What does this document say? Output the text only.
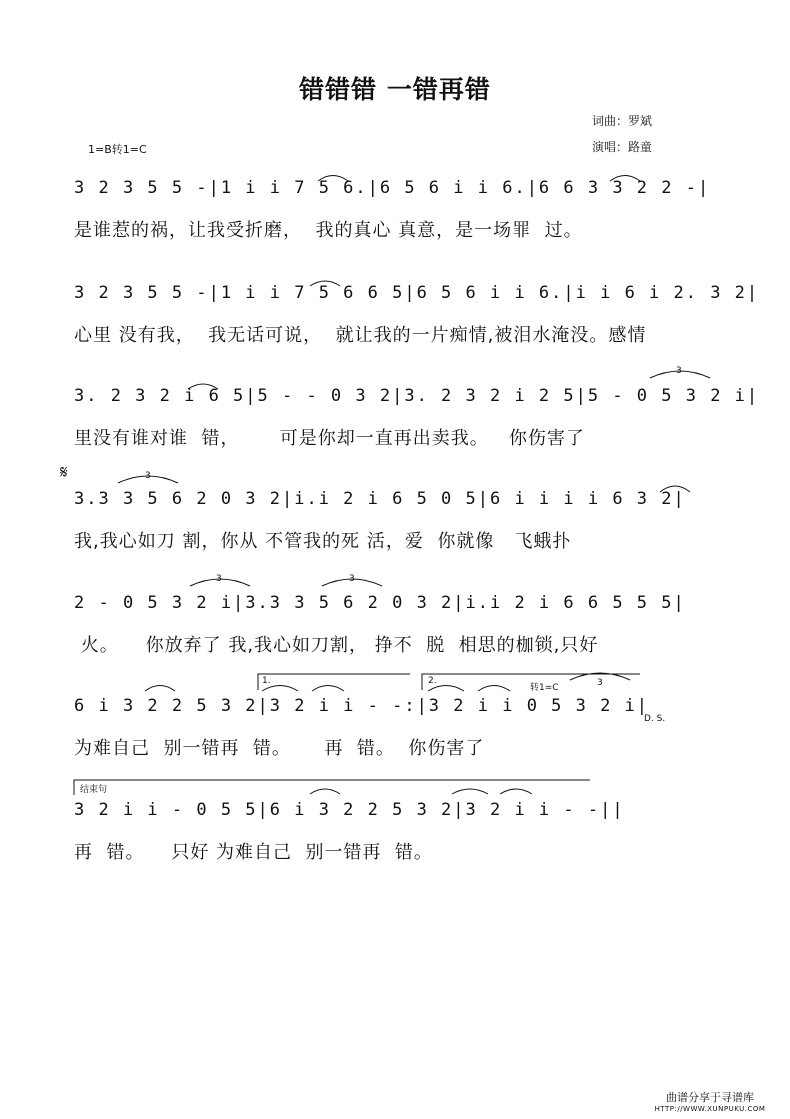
错错错 一错再错
词曲：罗斌
演唱：路童
1=B转1=C
3 2 3 5 5 -|1 i i 7 5 6.|6 5 6 i i 6.|6 6 3 3 2 2 -|
是谁惹的祸，让我受折磨，  我的真心 真意，是一场罪  过。
3 2 3 5 5 -|1 i i 7 5 6 6 5|6 5 6 i i 6.|i i 6 i 2. 3 2|
心里 没有我，  我无话可说，  就让我的一片痴情,被泪水淹没。感情
3. 2 3 2 i 6 5|5 - - 0 3 2|3. 2 3 2 i 2 5|5 - 0 5 3 2 i|
里没有谁对谁  错，      可是你却一直再出卖我。   你伤害了
𝄋
3.3 3 5 6 2 0 3 2|i.i 2 i 6 5 0 5|6 i i i i 6 3 2|
我,我心如刀 割，你从 不管我的死 活，爱  你就像   飞蛾扑
2 - 0 5 3 2 i|3.3 3 5 6 2 0 3 2|i.i 2 i 6 6 5 5 5|
火。    你放弃了 我,我心如刀割， 挣不  脱  相思的枷锁,只好
1.	2.
转1=C
D. S.
6 i 3 2 2 5 3 2|3 2 i i - -:|3 2 i i 0 5 3 2 i|
为难自己  别一错再  错。     再  错。  你伤害了
结束句
3 2 i i - 0 5 5|6 i 3 2 2 5 3 2|3 2 i i - -||
再  错。    只好 为难自己  别一错再  错。
3
3
3	3
3
曲谱分享于寻谱库
HTTP://WWW.XUNPUKU.COM
